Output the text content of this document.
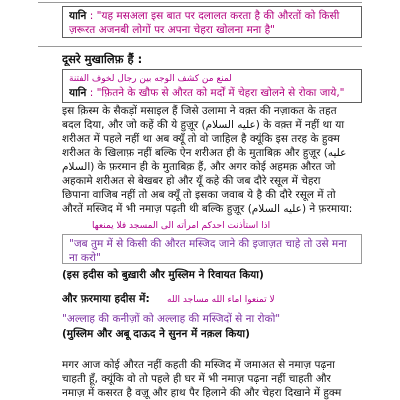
यानि : "यह मसअला इस बात पर दलालत करता है की औरतों को किसी
ज़रूरत अजनबी लोगों पर अपना चेहरा खोलना मना है"
दूसरे मुखालिफ़ हैं :
لمنع من كشف الوجه بين رجال لخوف الفتنة
यानि : "फ़ितने के खौफ से औरत को मर्दों में चेहरा खोलने से रोका जाये,"
इस क़िस्म के सैकड़ों मसाइल हैं जिसे उलामा ने वक़्त की नज़ाकत के तहत
बदल दिया, और जो कहें की ये हुज़ूर (عليه السلام) के वक़्त में नहीं था या
शरीअत में पहले नहीं था अब क्यूँ तो वो जाहिल है क्यूंकि इस तरह के हुक्म
शरीअत के खिलाफ़ नहीं बल्कि ऐन शरीअत ही के मुताबिक़ और हुज़ूर (عليه
السلام) के फ़रमान ही के मुताबिक़ हैं, और अगर कोई अहमक़ औरत जो
अहकामे शरीअत से बेखबर हो और यूँ कहे की जब दौरे रसूल में चेहरा
छिपाना वाजिब नहीं तो अब क्यूँ तो इसका जवाब ये है की दौरे रसूल में तो
औरतें मस्जिद में भी नमाज़ पढ़ती थी बल्कि हुज़ूर (عليه السلام) ने फ़रमाया:
اذا استأذنت احدكم امرأته الى المسجد فلا يمنعها
"जब तुम में से किसी की औरत मस्जिद जाने की इजाज़त चाहे तो उसे मना
ना करो"
(इस हदीस को बुख़ारी और मुस्लिम ने रिवायत किया)
और फ़रमाया हदीस में: لا تمنعوا اماء الله مساجد الله
"अल्लाह की कनीज़ों को अल्लाह की मस्जिदों से ना रोको"
(मुस्लिम और अबू दाऊद ने सुनन में नक़ल किया)
मगर आज कोई औरत नहीं कहती की मस्जिद में जमाअत से नमाज़ पढ़ना
चाहती हूँ, क्यूंकि वो तो पहले ही घर में भी नमाज़ पढ़ना नहीं चाहती और
नमाज़ में कसरत है वज़ू और हाथ पैर हिलाने की और चेहरा दिखाने में हुक्म
